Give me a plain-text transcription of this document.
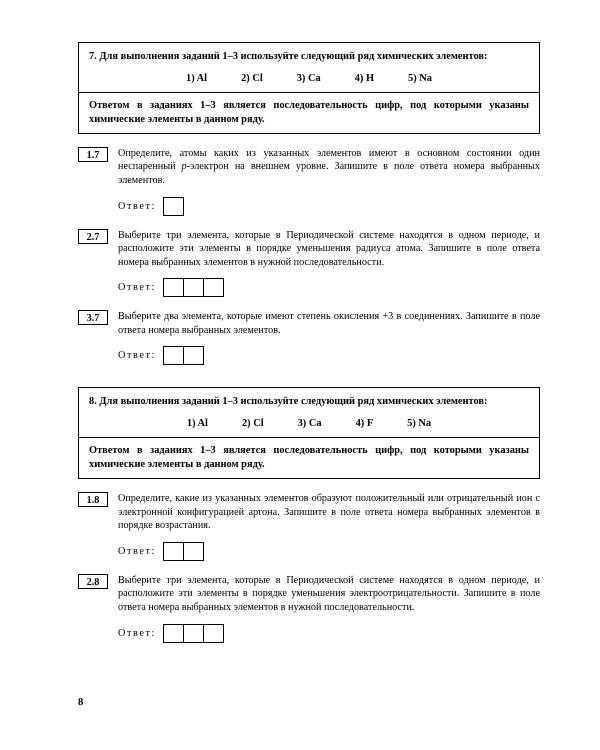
7. Для выполнения заданий 1–3 используйте следующий ряд химических элементов:
1) Al	2) Cl	3) Ca	4) H	5) Na
Ответом в заданиях 1–3 является последовательность цифр, под которыми указаны химические элементы в данном ряду.
1.7	Определите, атомы каких из указанных элементов имеют в основном состоянии один неспаренный p-электрон на внешнем уровне. Запишите в поле ответа номера выбранных элементов.
Ответ:
2.7	Выберите три элемента, которые в Периодической системе находятся в одном периоде, и расположите эти элементы в порядке уменьшения радиуса атома. Запишите в поле ответа номера выбранных элементов в нужной последовательности.
Ответ:
3.7	Выберите два элемента, которые имеют степень окисления +3 в соединениях. Запишите в поле ответа номера выбранных элементов.
Ответ:
8. Для выполнения заданий 1–3 используйте следующий ряд химических элементов:
1) Al	2) Cl	3) Ca	4) F	5) Na
Ответом в заданиях 1–3 является последовательность цифр, под которыми указаны химические элементы в данном ряду.
1.8	Определите, какие из указанных элементов образуют положительный или отрицательный ион с электронной конфигурацией аргона. Запишите в поле ответа номера выбранных элементов в порядке возрастания.
Ответ:
2.8	Выберите три элемента, которые в Периодической системе находятся в одном периоде, и расположите эти элементы в порядке уменьшения электроотрицательности. Запишите в поле ответа номера выбранных элементов в нужной последовательности.
Ответ:
8
